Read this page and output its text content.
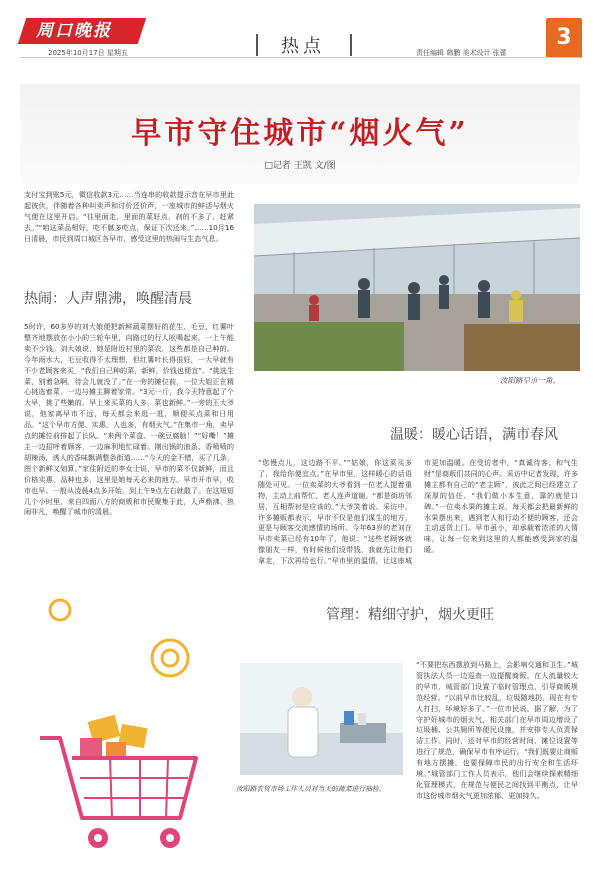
周口晚报
2025年10月17日 星期五	热点	责任编辑 韩鹏 美术设计 张蕾
3
早市守住城市“烟火气”
□记者 王凯 文/图
支付宝到账5元，微信收款3元……当连串的收款提示音在早市里此起彼伏，伴随着各种叫卖声和讨价还价声，一座城市的鲜活与烟火气便在这里开启。“往里面走，里面的菜好点，刹的不多了，赶紧去。”“咱这菜品相好，吃不腻多吃点，保证下次还来。”……10月16日清晨，市民到周口城区各早市，感受这里的热闹与生态气息。
热闹：人声鼎沸，唤醒清晨
5时许，60多岁的刘大娘便把新鲜蔬菜摆好的花生、毛豆、红薯叶整齐地摆放在小小的三轮车里，向路过的行人吆喝起来，一上午能卖不少钱。刘大娘说，她是附近村里的菜农，这些都是自己种的。今年雨水大，毛豆收得不太理想，但红薯叶长得很好，一大早就有不少老顾客来买，“我们自己种的菜，新鲜，价钱也便宜”。“挑选生菜，别着急啊，待会儿就没了。”在一旁的摊位前，一位大姐正在精心挑选着菜，一边与摊主聊着家常。“3元一斤，我今天特意起了个大早，挑了些嫩的。早上来买菜的人多，菜也新鲜。”一旁的王大爷说，他家离早市不远，每天都会来逛一逛，顺便买点菜和日用品。“这个早市方便、实惠，人也多，有烟火气。”在集市一角，卖早点的摊位前排起了长队。“来两个菜盒、一碗豆腐脑！”“好嘞！”摊主一边招呼着顾客，一边麻利地忙碌着。刚出锅的油条、香喷喷的胡辣汤，诱人的香味飘满整条街道……“今天的金不错，买了几条，图个新鲜又划算。”家住附近的李女士说，早市的菜不仅新鲜，而且价格实惠，品种也多，这里是她每天必来的地方。早市开市早，收市也早。一般从凌晨4点多开始，到上午9点左右就散了。在这短短几个小时里，来自四面八方的商贩和市民聚集于此，人声鼎沸、热闹非凡，唤醒了城市的清晨。
汝阳路早市一角。
温暖：暖心话语，满市春风
“您慢点儿，这边路不平。”“姑娘，你这菜买多了，我给你便宜点。”在早市里，这样暖心的话语随处可见。一位卖菜的大爷看到一位老人提着重物，主动上前帮忙，老人连声道谢。“都是街坊邻居，互相帮衬是应该的。”大爷笑着说。采访中，许多摊贩都表示，早市不仅是他们谋生的地方，更是与顾客交流感情的场所。今年63岁的老刘在早市卖菜已经有10年了，他说：“这些老顾客就像朋友一样，有时候他们没带钱，我就先让他们拿走，下次再给也行。”早市里的温情，让这座城市更加温暖。在受访者中，“真诚待客、和气生财”是商贩们共同的心声。采访中记者发现，许多摊主都有自己的“老主顾”，彼此之间已经建立了深厚的信任。“我们做小本生意，靠的就是口碑。”一位卖水果的摊主说，每天都会把最新鲜的水果摆出来，遇到老人和行动不便的顾客，还会主动送货上门。早市虽小，却承载着浓浓的人情味，让每一位来到这里的人都能感受到家的温暖。
管理：精细守护，烟火更旺
汝阳路农贸市场工作人员对当天的蔬菜进行抽检。
“不要把东西摆放到马路上，会影响交通和卫生。”城管执法人员一边巡查一边提醒商贩。在人流量较大的早市，城管部门设置了临时管理点，引导商贩规范经营。“以前早市比较乱，垃圾随地扔，现在有专人打扫，环境好多了。”一位市民说。据了解，为了守护好城市的烟火气，相关部门在早市周边增设了垃圾桶、公共厕所等便民设施，并安排专人负责保洁工作。同时，还对早市的经营时间、摊位设置等进行了规范，确保早市有序运行。“我们既要让商贩有地方摆摊，也要保障市民的出行安全和生活环境。”城管部门工作人员表示，他们会继续探索精细化管理模式，在规范与便民之间找到平衡点，让早市这份城市烟火气更加浓郁、更加持久。
